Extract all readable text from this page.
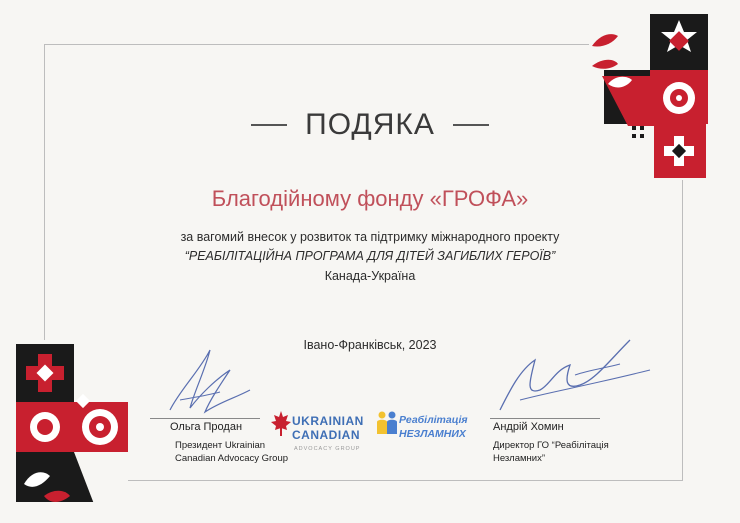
ПОДЯКА
Благодійному фонду «ГРОФА»
за вагомий внесок у розвиток та підтримку міжнародного проекту
“РЕАБІЛІТАЦІЙНА ПРОГРАМА ДЛЯ ДІТЕЙ ЗАГИБЛИХ ГЕРОЇВ”
Канада-Україна
Івано-Франківськ, 2023
Ольга Продан
Президент Ukrainian
Canadian Advocacy Group
Андрій Хомин
Директор ГО “Реабілітація
Незламних”
UKRAINIAN
CANADIAN
ADVOCACY GROUP
Реабілітація
НЕЗЛАМНИХ
